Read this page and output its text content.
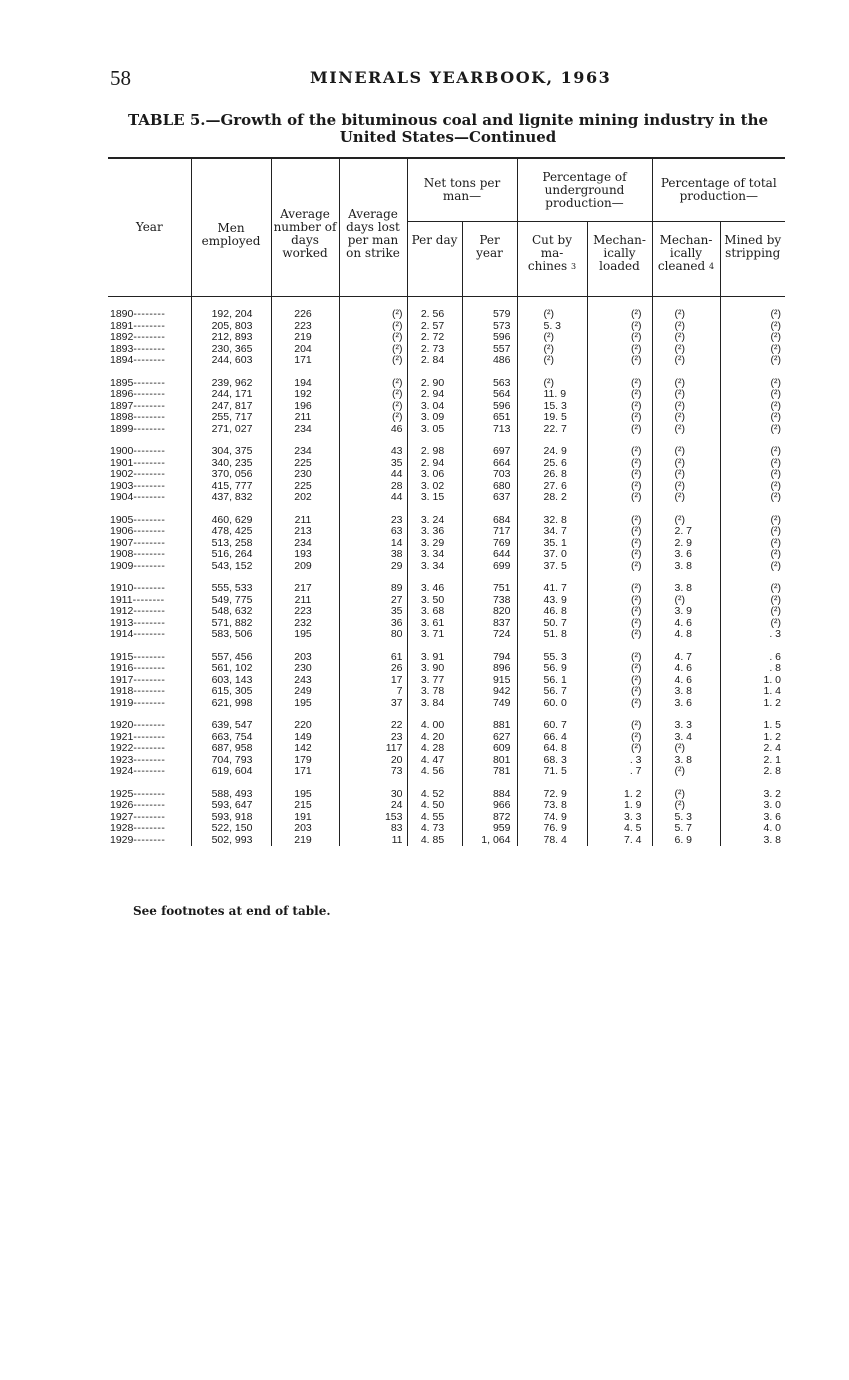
58	MINERALS YEARBOOK, 1963
TABLE 5.—Growth of the bituminous coal and lignite mining industry in the
United States—Continued
Year	Men employed	Average number of days worked	Average days lost per man on strike	Net tons per man—		Percentage of underground production—		Percentage of total production—	
				Per day	Per year	Cut by ma- chines $^3$	Mechan- ically loaded	Mechan- ically cleaned $^4$	Mined by stripping

1890--------	192, 204	226	(²)	2. 56	579	(²)	(²)	(²)	(²)
1891--------	205, 803	223	(²)	2. 57	573	5. 3	(²)	(²)	(²)
1892--------	212, 893	219	(²)	2. 72	596	(²)	(²)	(²)	(²)
1893--------	230, 365	204	(²)	2. 73	557	(²)	(²)	(²)	(²)
1894--------	244, 603	171	(²)	2. 84	486	(²)	(²)	(²)	(²)

1895--------	239, 962	194	(²)	2. 90	563	(²)	(²)	(²)	(²)
1896--------	244, 171	192	(²)	2. 94	564	11. 9	(²)	(²)	(²)
1897--------	247, 817	196	(²)	3. 04	596	15. 3	(²)	(²)	(²)
1898--------	255, 717	211	(²)	3. 09	651	19. 5	(²)	(²)	(²)
1899--------	271, 027	234	46	3. 05	713	22. 7	(²)	(²)	(²)

1900--------	304, 375	234	43	2. 98	697	24. 9	(²)	(²)	(²)
1901--------	340, 235	225	35	2. 94	664	25. 6	(²)	(²)	(²)
1902--------	370, 056	230	44	3. 06	703	26. 8	(²)	(²)	(²)
1903--------	415, 777	225	28	3. 02	680	27. 6	(²)	(²)	(²)
1904--------	437, 832	202	44	3. 15	637	28. 2	(²)	(²)	(²)

1905--------	460, 629	211	23	3. 24	684	32. 8	(²)	(²)	(²)
1906--------	478, 425	213	63	3. 36	717	34. 7	(²)	2. 7	(²)
1907--------	513, 258	234	14	3. 29	769	35. 1	(²)	2. 9	(²)
1908--------	516, 264	193	38	3. 34	644	37. 0	(²)	3. 6	(²)
1909--------	543, 152	209	29	3. 34	699	37. 5	(²)	3. 8	(²)

1910--------	555, 533	217	89	3. 46	751	41. 7	(²)	3. 8	(²)
1911--------	549, 775	211	27	3. 50	738	43. 9	(²)	(²)	(²)
1912--------	548, 632	223	35	3. 68	820	46. 8	(²)	3. 9	(²)
1913--------	571, 882	232	36	3. 61	837	50. 7	(²)	4. 6	(²)
1914--------	583, 506	195	80	3. 71	724	51. 8	(²)	4. 8	. 3

1915--------	557, 456	203	61	3. 91	794	55. 3	(²)	4. 7	. 6
1916--------	561, 102	230	26	3. 90	896	56. 9	(²)	4. 6	. 8
1917--------	603, 143	243	17	3. 77	915	56. 1	(²)	4. 6	1. 0
1918--------	615, 305	249	7	3. 78	942	56. 7	(²)	3. 8	1. 4
1919--------	621, 998	195	37	3. 84	749	60. 0	(²)	3. 6	1. 2

1920--------	639, 547	220	22	4. 00	881	60. 7	(²)	3. 3	1. 5
1921--------	663, 754	149	23	4. 20	627	66. 4	(²)	3. 4	1. 2
1922--------	687, 958	142	117	4. 28	609	64. 8	(²)	(²)	2. 4
1923--------	704, 793	179	20	4. 47	801	68. 3	. 3	3. 8	2. 1
1924--------	619, 604	171	73	4. 56	781	71. 5	. 7	(²)	2. 8

1925--------	588, 493	195	30	4. 52	884	72. 9	1. 2	(²)	3. 2
1926--------	593, 647	215	24	4. 50	966	73. 8	1. 9	(²)	3. 0
1927--------	593, 918	191	153	4. 55	872	74. 9	3. 3	5. 3	3. 6
1928--------	522, 150	203	83	4. 73	959	76. 9	4. 5	5. 7	4. 0
1929--------	502, 993	219	11	4. 85	1, 064	78. 4	7. 4	6. 9	3. 8
See footnotes at end of table.
